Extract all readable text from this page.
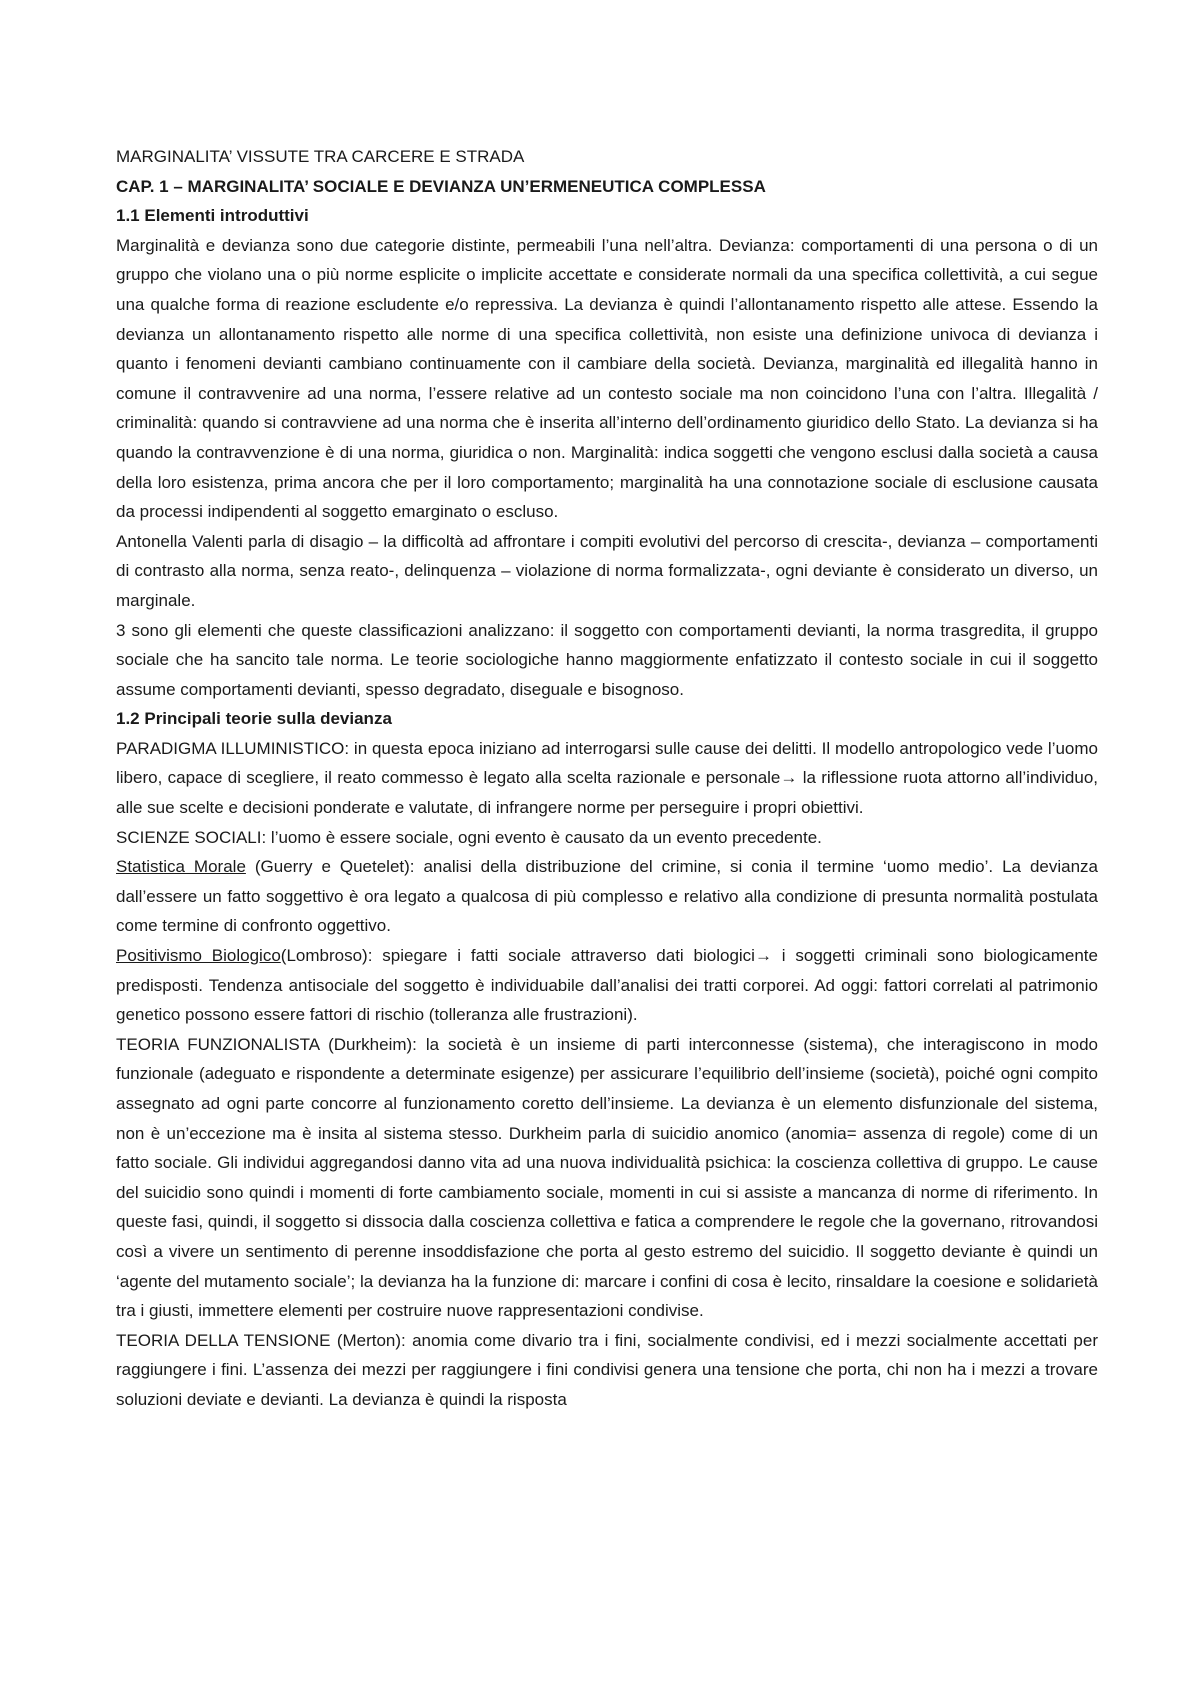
MARGINALITA’ VISSUTE TRA CARCERE E STRADA

CAP. 1 – MARGINALITA’ SOCIALE E DEVIANZA UN’ERMENEUTICA COMPLESSA

1.1 Elementi introduttivi

Marginalità e devianza sono due categorie distinte, permeabili l’una nell’altra. Devianza: comportamenti di una persona o di un gruppo che violano una o più norme esplicite o implicite accettate e considerate normali da una specifica collettività, a cui segue una qualche forma di reazione escludente e/o repressiva. La devianza è quindi l’allontanamento rispetto alle attese. Essendo la devianza un allontanamento rispetto alle norme di una specifica collettività, non esiste una definizione univoca di devianza i quanto i fenomeni devianti cambiano continuamente con il cambiare della società. Devianza, marginalità ed illegalità hanno in comune il contravvenire ad una norma, l’essere relative ad un contesto sociale ma non coincidono l’una con l’altra. Illegalità / criminalità: quando si contravviene ad una norma che è inserita all’interno dell’ordinamento giuridico dello Stato. La devianza si ha quando la contravvenzione è di una norma, giuridica o non. Marginalità: indica soggetti che vengono esclusi dalla società a causa della loro esistenza, prima ancora che per il loro comportamento; marginalità ha una connotazione sociale di esclusione causata da processi indipendenti al soggetto emarginato o escluso.

Antonella Valenti parla di disagio – la difficoltà ad affrontare i compiti evolutivi del percorso di crescita-, devianza – comportamenti di contrasto alla norma, senza reato-, delinquenza – violazione di norma formalizzata-, ogni deviante è considerato un diverso, un marginale.

3 sono gli elementi che queste classificazioni analizzano: il soggetto con comportamenti devianti, la norma trasgredita, il gruppo sociale che ha sancito tale norma. Le teorie sociologiche hanno maggiormente enfatizzato il contesto sociale in cui il soggetto assume comportamenti devianti, spesso degradato, diseguale e bisognoso.

1.2 Principali teorie sulla devianza

PARADIGMA ILLUMINISTICO: in questa epoca iniziano ad interrogarsi sulle cause dei delitti. Il modello antropologico vede l’uomo libero, capace di scegliere, il reato commesso è legato alla scelta razionale e personale→ la riflessione ruota attorno all’individuo, alle sue scelte e decisioni ponderate e valutate, di infrangere norme per perseguire i propri obiettivi.

SCIENZE SOCIALI: l’uomo è essere sociale, ogni evento è causato da un evento precedente.

Statistica Morale (Guerry e Quetelet): analisi della distribuzione del crimine, si conia il termine ‘uomo medio’. La devianza dall’essere un fatto soggettivo è ora legato a qualcosa di più complesso e relativo alla condizione di presunta normalità postulata come termine di confronto oggettivo.

Positivismo Biologico(Lombroso): spiegare i fatti sociale attraverso dati biologici→ i soggetti criminali sono biologicamente predisposti. Tendenza antisociale del soggetto è individuabile dall’analisi dei tratti corporei. Ad oggi: fattori correlati al patrimonio genetico possono essere fattori di rischio (tolleranza alle frustrazioni).

TEORIA FUNZIONALISTA (Durkheim): la società è un insieme di parti interconnesse (sistema), che interagiscono in modo funzionale (adeguato e rispondente a determinate esigenze) per assicurare l’equilibrio dell’insieme (società), poiché ogni compito assegnato ad ogni parte concorre al funzionamento coretto dell’insieme. La devianza è un elemento disfunzionale del sistema, non è un’eccezione ma è insita al sistema stesso. Durkheim parla di suicidio anomico (anomia= assenza di regole) come di un fatto sociale. Gli individui aggregandosi danno vita ad una nuova individualità psichica: la coscienza collettiva di gruppo. Le cause del suicidio sono quindi i momenti di forte cambiamento sociale, momenti in cui si assiste a mancanza di norme di riferimento. In queste fasi, quindi, il soggetto si dissocia dalla coscienza collettiva e fatica a comprendere le regole che la governano, ritrovandosi così a vivere un sentimento di perenne insoddisfazione che porta al gesto estremo del suicidio. Il soggetto deviante è quindi un ‘agente del mutamento sociale’; la devianza ha la funzione di: marcare i confini di cosa è lecito, rinsaldare la coesione e solidarietà tra i giusti, immettere elementi per costruire nuove rappresentazioni condivise.

TEORIA DELLA TENSIONE (Merton): anomia come divario tra i fini, socialmente condivisi, ed i mezzi socialmente accettati per raggiungere i fini. L’assenza dei mezzi per raggiungere i fini condivisi genera una tensione che porta, chi non ha i mezzi a trovare soluzioni deviate e devianti. La devianza è quindi la risposta
